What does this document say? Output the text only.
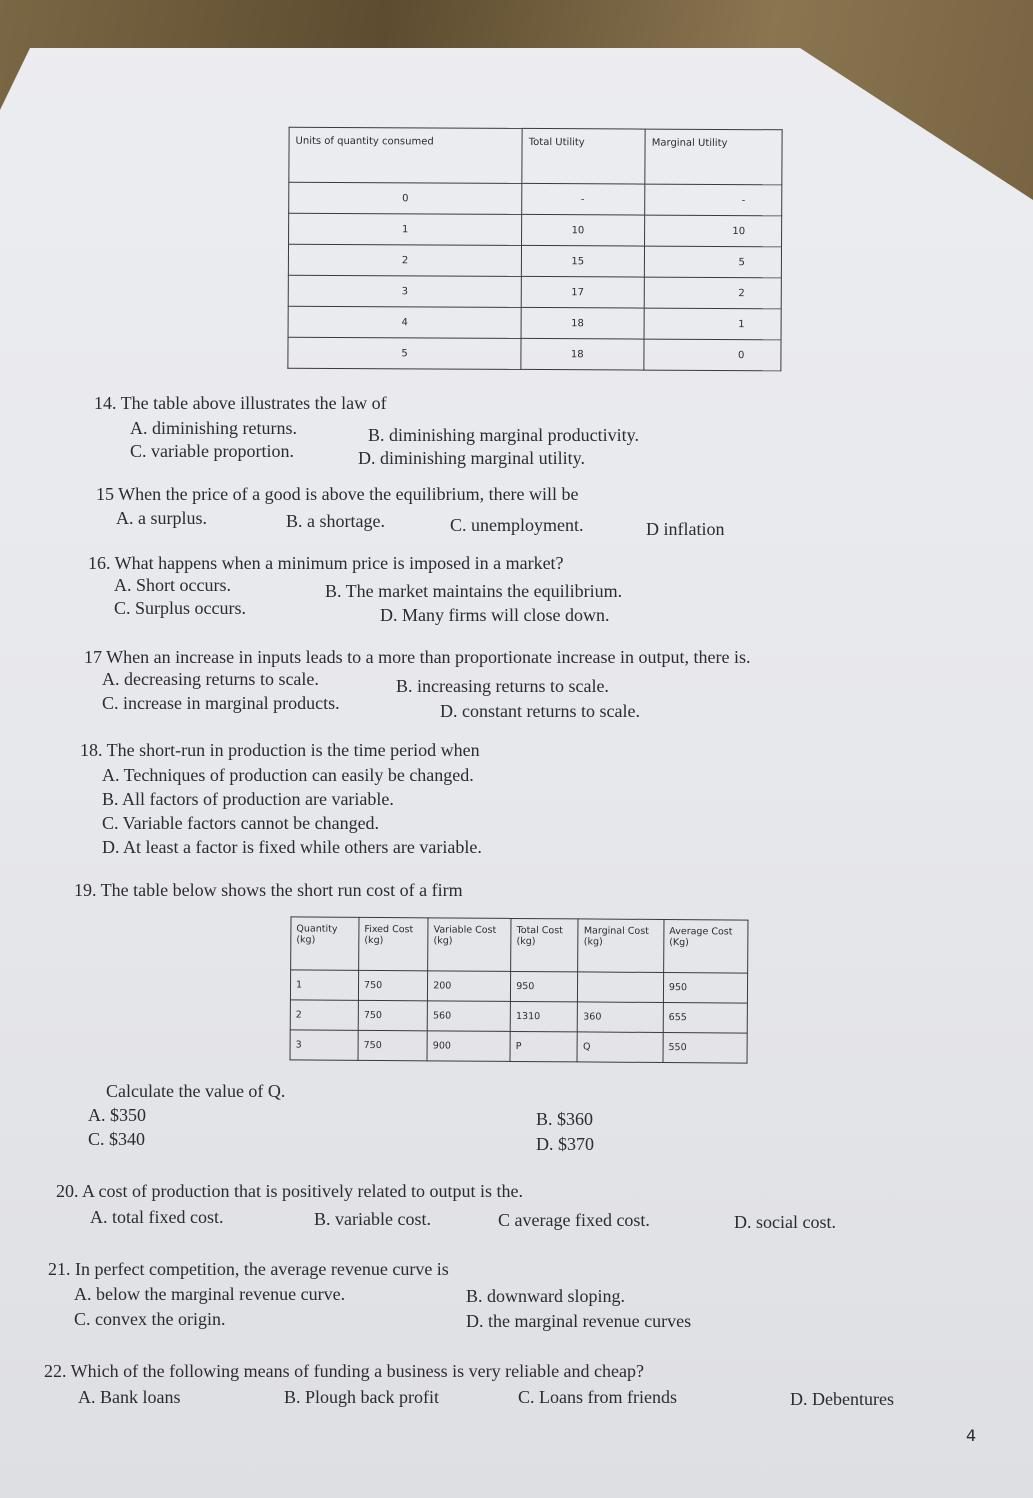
Units of quantity consumed	Total Utility	Marginal Utility
0	-	-
1	10	10
2	15	5
3	17	2
4	18	1
5	18	0
14. The table above illustrates the law of
A. diminishing returns.	B. diminishing marginal productivity.
C. variable proportion.	D. diminishing marginal utility.
15 When the price of a good is above the equilibrium, there will be
A. a surplus.	B. a shortage.	C. unemployment.	D inflation
16. What happens when a minimum price is imposed in a market?
A. Short occurs.	B. The market maintains the equilibrium.
C. Surplus occurs.	D. Many firms will close down.
17 When an increase in inputs leads to a more than proportionate increase in output, there is.
A. decreasing returns to scale.	B. increasing returns to scale.
C. increase in marginal products.	D. constant returns to scale.
18. The short-run in production is the time period when
A. Techniques of production can easily be changed.
B. All factors of production are variable.
C. Variable factors cannot be changed.
D. At least a factor is fixed while others are variable.
19. The table below shows the short run cost of a firm
Quantity (kg)	Fixed Cost (kg)	Variable Cost (kg)	Total Cost (kg)	Marginal Cost (kg)	Average Cost (Kg)
1	750	200	950		950
2	750	560	1310	360	655
3	750	900	P	Q	550
Calculate the value of Q.
A. $350	B. $360
C. $340	D. $370
20. A cost of production that is positively related to output is the.
A. total fixed cost.	B. variable cost.	C average fixed cost.	D. social cost.
21. In perfect competition, the average revenue curve is
A. below the marginal revenue curve.	B. downward sloping.
C. convex the origin.	D. the marginal revenue curves
22. Which of the following means of funding a business is very reliable and cheap?
A. Bank loans	B. Plough back profit	C. Loans from friends	D. Debentures
4
